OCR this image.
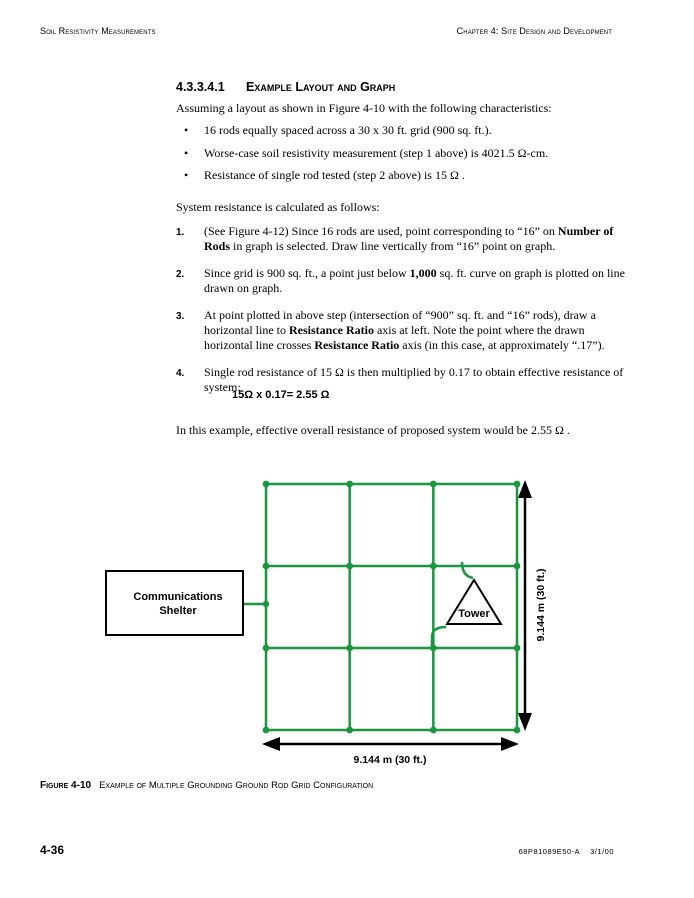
Soil Resistivity Measurements	Chapter 4: Site Design and Development
4.3.3.4.1 Example Layout and Graph
Assuming a layout as shown in Figure 4-10 with the following characteristics:
• 16 rods equally spaced across a 30 x 30 ft. grid (900 sq. ft.).
• Worse-case soil resistivity measurement (step 1 above) is 4021.5 Ω-cm.
• Resistance of single rod tested (step 2 above) is 15 Ω .
System resistance is calculated as follows:
1. (See Figure 4-12) Since 16 rods are used, point corresponding to “16” on Number of Rods in graph is selected. Draw line vertically from “16” point on graph.
2. Since grid is 900 sq. ft., a point just below 1,000 sq. ft. curve on graph is plotted on line drawn on graph.
3. At point plotted in above step (intersection of “900” sq. ft. and “16” rods), draw a horizontal line to Resistance Ratio axis at left. Note the point where the drawn horizontal line crosses Resistance Ratio axis (in this case, at approximately “.17”).
4. Single rod resistance of 15 Ω is then multiplied by 0.17 to obtain effective resistance of system:
15Ω x 0.17= 2.55 Ω
In this example, effective overall resistance of proposed system would be 2.55 Ω .
Communications
Shelter	Tower
9.144 m (30 ft.)
9.144 m (30 ft.)
Figure 4-10 Example of Multiple Grounding Ground Rod Grid Configuration
4-36	68P81089E50-A 3/1/00
